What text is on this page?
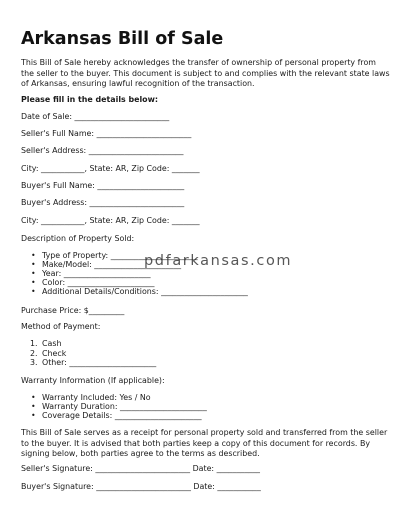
Arkansas Bill of Sale

This Bill of Sale hereby acknowledges the transfer of ownership of personal property from the seller to the buyer. This document is subject to and complies with the relevant state laws of Arkansas, ensuring lawful recognition of the transaction.

Please fill in the details below:
Date of Sale: ________________________
Seller's Full Name: ________________________
Seller's Address: ________________________
City: ___________, State: AR, Zip Code: _______
Buyer's Full Name: ______________________
Buyer's Address: ________________________
City: ___________, State: AR, Zip Code: _______
Description of Property Sold:
• Type of Property: ______________________
• Make/Model: ______________________
• Year: ______________________
• Color: ______________________
• Additional Details/Conditions: ______________________
Purchase Price: $_________
Method of Payment:
1. Cash
2. Check
3. Other: ______________________
Warranty Information (If applicable):
• Warranty Included: Yes / No
• Warranty Duration: ______________________
• Coverage Details: ______________________

This Bill of Sale serves as a receipt for personal property sold and transferred from the seller to the buyer. It is advised that both parties keep a copy of this document for records. By signing below, both parties agree to the terms as described.

Seller's Signature: ________________________ Date: ___________
Buyer's Signature: ________________________ Date: ___________
pdfarkansas.com
